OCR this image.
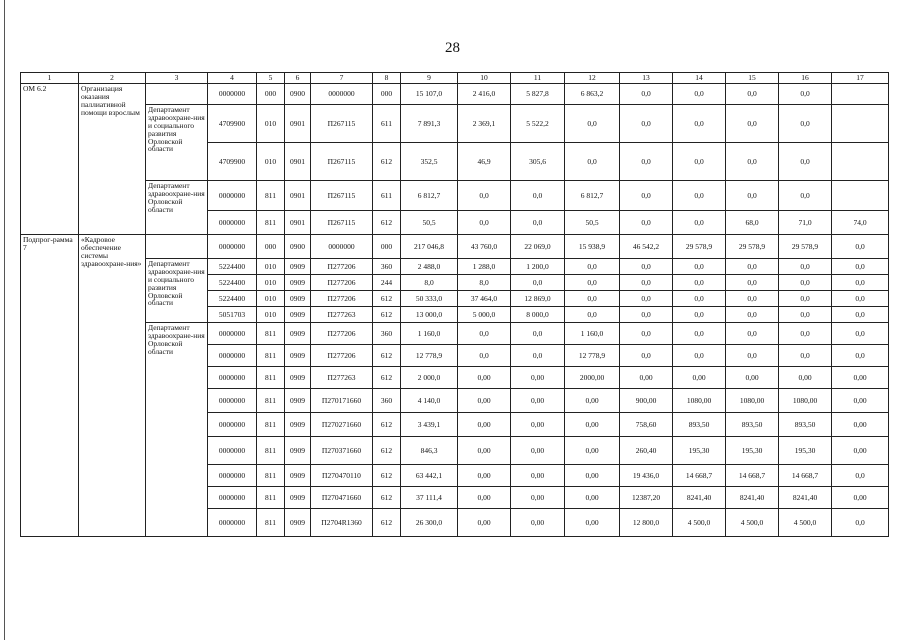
28
1	2	3	4	5	6	7	8	9	10	11	12	13	14	15	16	17
ОМ 6.2	Организация оказания паллиативной помощи взрослым		0000000	000	0900	0000000	000	15 107,0	2 416,0	5 827,8	6 863,2	0,0	0,0	0,0	0,0	
		Департамент здравоохране-ния и социального развития Орловской области	4709900	010	0901	П267115	611	7 891,3	2 369,1	5 522,2	0,0	0,0	0,0	0,0	0,0	
			4709900	010	0901	П267115	612	352,5	46,9	305,6	0,0	0,0	0,0	0,0	0,0	
		Департамент здравоохране-ния Орловской области	0000000	811	0901	П267115	611	6 812,7	0,0	0,0	6 812,7	0,0	0,0	0,0	0,0	
			0000000	811	0901	П267115	612	50,5	0,0	0,0	50,5	0,0	0,0	68,0	71,0	74,0
Подпрог-рамма 7	«Кадровое обеспечение системы здравоохране-ния»		0000000	000	0900	0000000	000	217 046,8	43 760,0	22 069,0	15 938,9	46 542,2	29 578,9	29 578,9	29 578,9	0,0
		Департамент здравоохране-ния и социального развития Орловской области	5224400	010	0909	П277206	360	2 488,0	1 288,0	1 200,0	0,0	0,0	0,0	0,0	0,0	0,0
			5224400	010	0909	П277206	244	8,0	8,0	0,0	0,0	0,0	0,0	0,0	0,0	0,0
			5224400	010	0909	П277206	612	50 333,0	37 464,0	12 869,0	0,0	0,0	0,0	0,0	0,0	0,0
			5051703	010	0909	П277263	612	13 000,0	5 000,0	8 000,0	0,0	0,0	0,0	0,0	0,0	0,0
		Департамент здравоохране-ния Орловской области	0000000	811	0909	П277206	360	1 160,0	0,0	0,0	1 160,0	0,0	0,0	0,0	0,0	0,0
			0000000	811	0909	П277206	612	12 778,9	0,0	0,0	12 778,9	0,0	0,0	0,0	0,0	0,0
			0000000	811	0909	П277263	612	2 000,0	0,00	0,00	2000,00	0,00	0,00	0,00	0,00	0,00
			0000000	811	0909	П270171660	360	4 140,0	0,00	0,00	0,00	900,00	1080,00	1080,00	1080,00	0,00
			0000000	811	0909	П270271660	612	3 439,1	0,00	0,00	0,00	758,60	893,50	893,50	893,50	0,00
			0000000	811	0909	П270371660	612	846,3	0,00	0,00	0,00	260,40	195,30	195,30	195,30	0,00
			0000000	811	0909	П270470110	612	63 442,1	0,00	0,00	0,00	19 436,0	14 668,7	14 668,7	14 668,7	0,0
			0000000	811	0909	П270471660	612	37 111,4	0,00	0,00	0,00	12387,20	8241,40	8241,40	8241,40	0,00
			0000000	811	0909	П2704R1360	612	26 300,0	0,00	0,00	0,00	12 800,0	4 500,0	4 500,0	4 500,0	0,0
